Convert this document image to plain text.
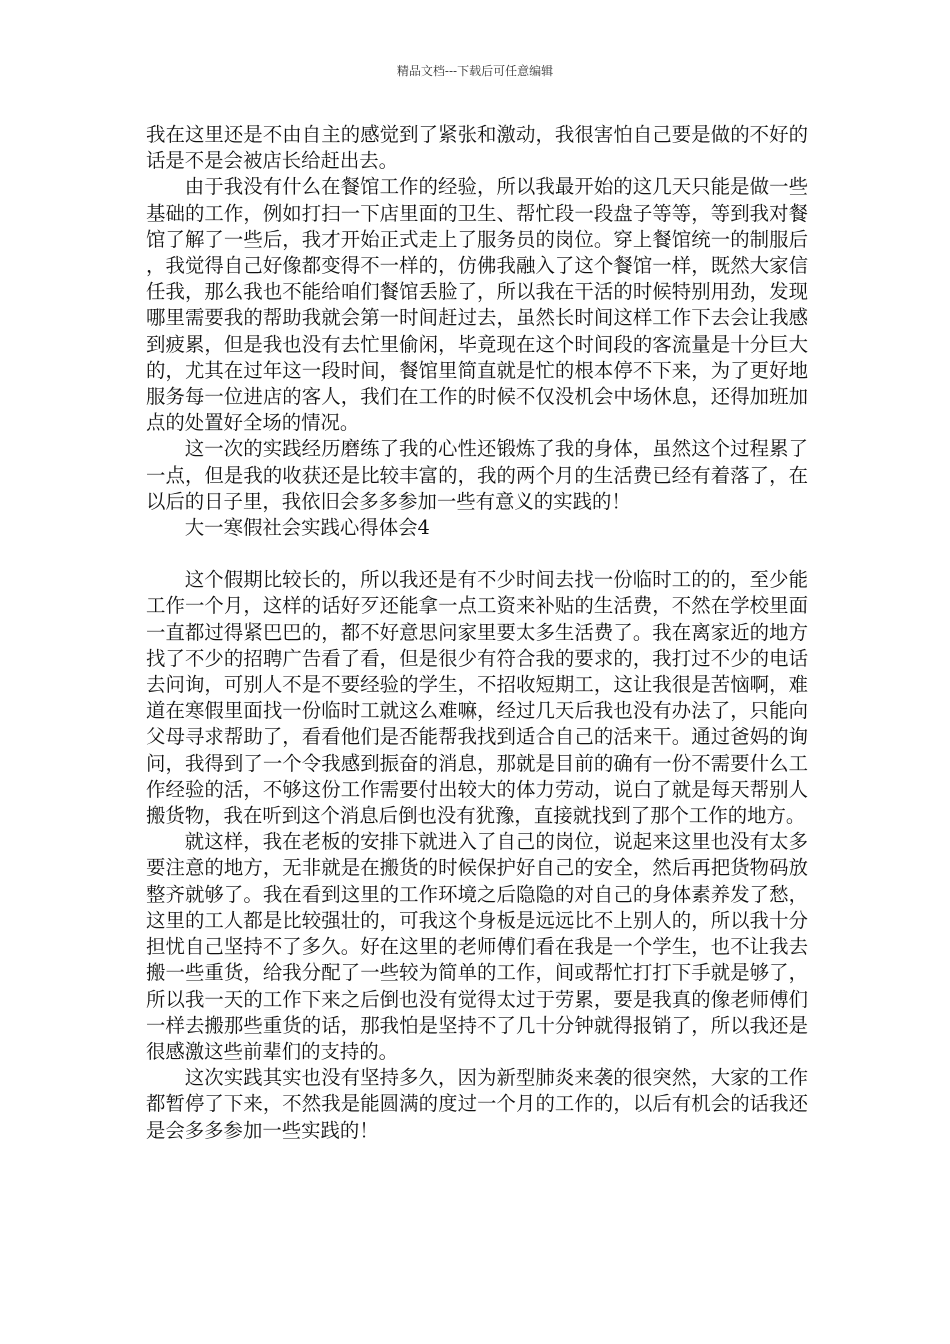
精品文档---下载后可任意编辑

我在这里还是不由自主的感觉到了紧张和激动，我很害怕自己要是做的不好的话是不是会被店长给赶出去。

由于我没有什么在餐馆工作的经验，所以我最开始的这几天只能是做一些基础的工作，例如打扫一下店里面的卫生、帮忙段一段盘子等等，等到我对餐馆了解了一些后，我才开始正式走上了服务员的岗位。穿上餐馆统一的制服后，我觉得自己好像都变得不一样的，仿佛我融入了这个餐馆一样，既然大家信任我，那么我也不能给咱们餐馆丢脸了，所以我在干活的时候特别用劲，发现哪里需要我的帮助我就会第一时间赶过去，虽然长时间这样工作下去会让我感到疲累，但是我也没有去忙里偷闲，毕竟现在这个时间段的客流量是十分巨大的，尤其在过年这一段时间，餐馆里简直就是忙的根本停不下来，为了更好地服务每一位进店的客人，我们在工作的时候不仅没机会中场休息，还得加班加点的处置好全场的情况。

这一次的实践经历磨练了我的心性还锻炼了我的身体，虽然这个过程累了一点，但是我的收获还是比较丰富的，我的两个月的生活费已经有着落了，在以后的日子里，我依旧会多多参加一些有意义的实践的！

大一寒假社会实践心得体会4

这个假期比较长的，所以我还是有不少时间去找一份临时工的的，至少能工作一个月，这样的话好歹还能拿一点工资来补贴的生活费，不然在学校里面一直都过得紧巴巴的，都不好意思问家里要太多生活费了。我在离家近的地方找了不少的招聘广告看了看，但是很少有符合我的要求的，我打过不少的电话去问询，可别人不是不要经验的学生，不招收短期工，这让我很是苦恼啊，难道在寒假里面找一份临时工就这么难嘛，经过几天后我也没有办法了，只能向父母寻求帮助了，看看他们是否能帮我找到适合自己的活来干。通过爸妈的询问，我得到了一个令我感到振奋的消息，那就是目前的确有一份不需要什么工作经验的活，不够这份工作需要付出较大的体力劳动，说白了就是每天帮别人搬货物，我在听到这个消息后倒也没有犹豫，直接就找到了那个工作的地方。

就这样，我在老板的安排下就进入了自己的岗位，说起来这里也没有太多要注意的地方，无非就是在搬货的时候保护好自己的安全，然后再把货物码放整齐就够了。我在看到这里的工作环境之后隐隐的对自己的身体素养发了愁，这里的工人都是比较强壮的，可我这个身板是远远比不上别人的，所以我十分担忧自己坚持不了多久。好在这里的老师傅们看在我是一个学生，也不让我去搬一些重货，给我分配了一些较为简单的工作，间或帮忙打打下手就是够了，所以我一天的工作下来之后倒也没有觉得太过于劳累，要是我真的像老师傅们一样去搬那些重货的话，那我怕是坚持不了几十分钟就得报销了，所以我还是很感激这些前辈们的支持的。

这次实践其实也没有坚持多久，因为新型肺炎来袭的很突然，大家的工作都暂停了下来，不然我是能圆满的度过一个月的工作的，以后有机会的话我还是会多多参加一些实践的！
